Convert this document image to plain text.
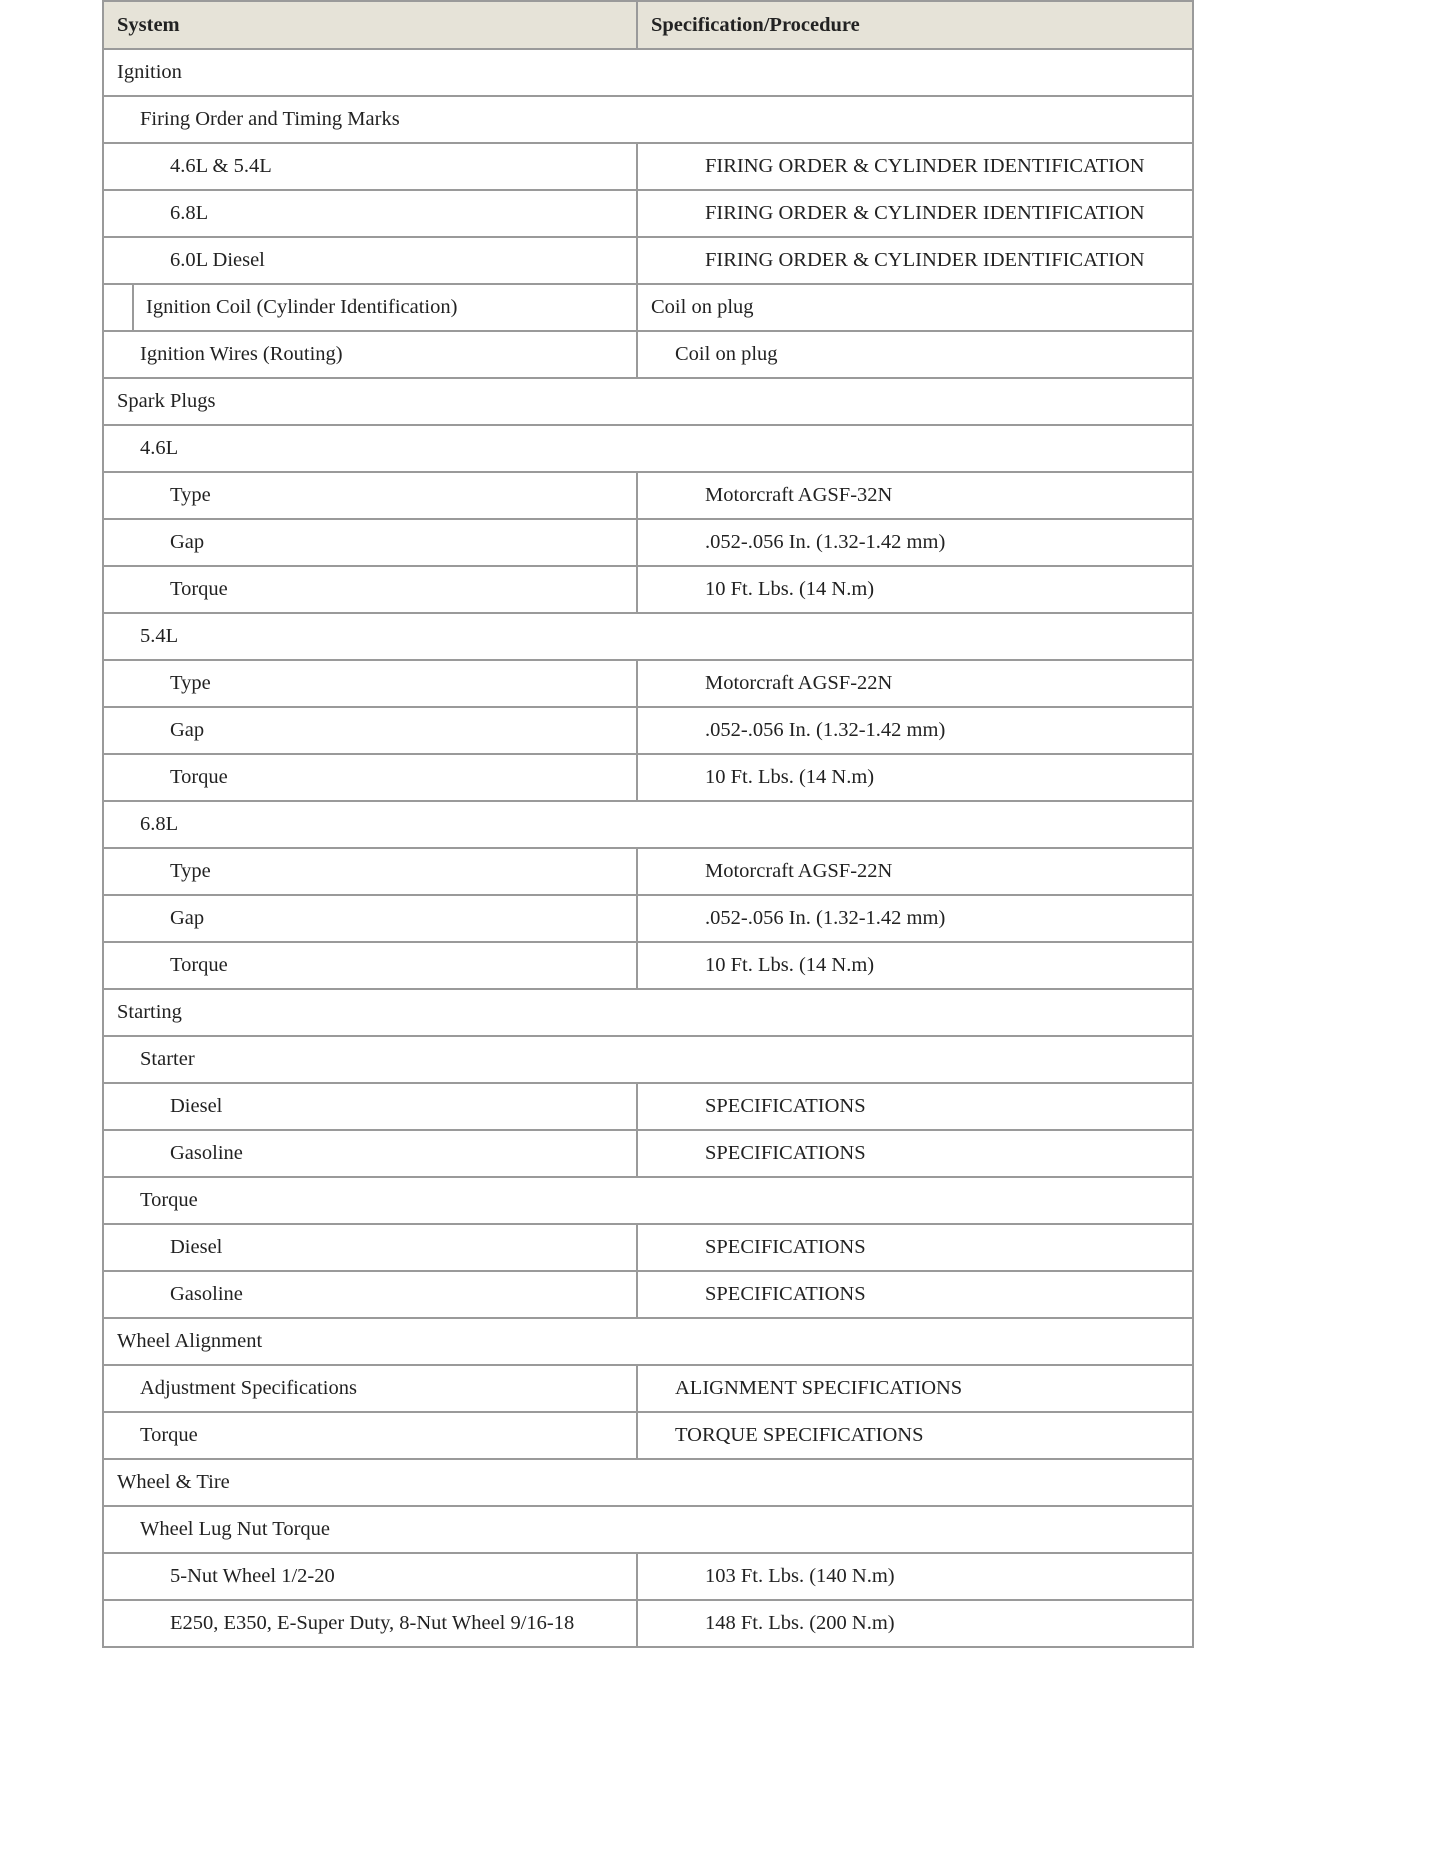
System	Specification/Procedure
Ignition	
Firing Order and Timing Marks	
4.6L & 5.4L	FIRING ORDER & CYLINDER IDENTIFICATION
6.8L	FIRING ORDER & CYLINDER IDENTIFICATION
6.0L Diesel	FIRING ORDER & CYLINDER IDENTIFICATION
Ignition Coil (Cylinder Identification)	Coil on plug
Ignition Wires (Routing)	Coil on plug
Spark Plugs	
4.6L	
Type	Motorcraft AGSF-32N
Gap	.052-.056 In. (1.32-1.42 mm)
Torque	10 Ft. Lbs. (14 N.m)
5.4L	
Type	Motorcraft AGSF-22N
Gap	.052-.056 In. (1.32-1.42 mm)
Torque	10 Ft. Lbs. (14 N.m)
6.8L	
Type	Motorcraft AGSF-22N
Gap	.052-.056 In. (1.32-1.42 mm)
Torque	10 Ft. Lbs. (14 N.m)
Starting	
Starter	
Diesel	SPECIFICATIONS
Gasoline	SPECIFICATIONS
Torque	
Diesel	SPECIFICATIONS
Gasoline	SPECIFICATIONS
Wheel Alignment	
Adjustment Specifications	ALIGNMENT SPECIFICATIONS
Torque	TORQUE SPECIFICATIONS
Wheel & Tire	
Wheel Lug Nut Torque	
5-Nut Wheel 1/2-20	103 Ft. Lbs. (140 N.m)
E250, E350, E-Super Duty, 8-Nut Wheel 9/16-18	148 Ft. Lbs. (200 N.m)
